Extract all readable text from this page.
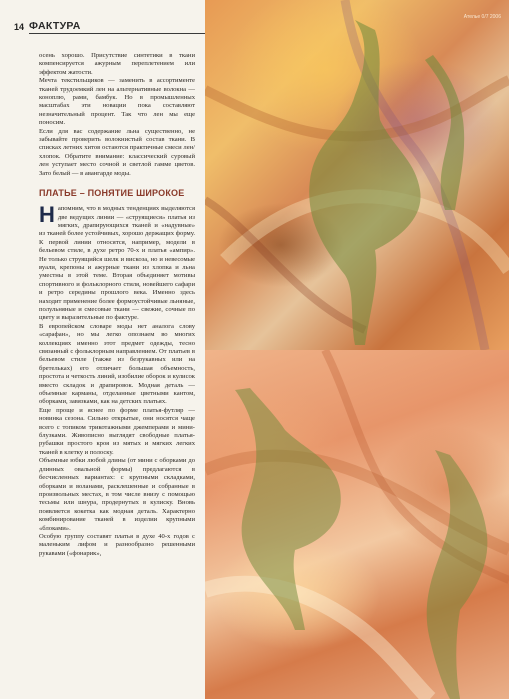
14 ФАКТУРА

осень хорошо. Присутствие синтетики в ткани компенсируется ажурным переплетением или эффектом жатости.

Мечта текстильщиков — заменить в ассортименте тканей трудоемкий лен на альтернативные волокна — коноплю, рами, бамбук. Но в промышленных масштабах эти новации пока составляют незначительный процент. Так что лен мы еще поносим.

Если для вас содержание льна существенно, не забывайте проверить волокнистый состав ткани. В списках летних хитов остаются практичные смеси лен/хлопок. Обратите внимание: классический суровый лен уступает место сочной и светлой гамме цветов. Зато белый — в авангарде моды.

ПЛАТЬЕ – ПОНЯТИЕ ШИРОКОЕ

Напомним, что в модных тенденциях выделяются две ведущих линии — «струящиеся» платья из мягких, драпирующихся тканей и «надувные» из тканей более устойчивых, хорошо держащих форму. К первой линии относятся, например, модели в бельевом стиле, в духе ретро 70-х и платья «ампир». Не только струящийся шелк и вискоза, но и невесомые вуали, крепоны и ажурные ткани из хлопка и льна уместны в этой теме. Вторая объединяет мотивы спортивного и фольклорного стиля, новейшего сафари и ретро середины прошлого века. Именно здесь находит применение более формоустойчивые льняные, полульняные и смесовые ткани — свежие, сочные по цвету и выразительные по фактуре.

В европейском словаре моды нет аналога слову «сарафан», но мы легко опознаем во многих коллекциях именно этот предмет одежды, тесно связанный с фольклорным направлением. От платьев в бельевом стиле (также из безрукавных или на бретельках) его отличает большая объемность, простота и четкость линий, изобилие оборок и кулисок вместо складок и драпировок. Модная деталь — объемные карманы, отделанные цветными кантом, оборками, завязками, как на детских платьях.

Еще проще и яснее по форме платья-футляр — новинка сезона. Сильно открытые, они носятся чаще всего с топиком трикотажными джемперами и мини-блузками. Живописно выглядят свободные платья-рубашки простого кроя из мятых и мягких легких тканей в клетку и полоску.

Объемные юбки любой длины (от мини с оборками до длинных овальной формы) предлагаются в бесчисленных вариантах: с крупными складками, оборками и воланами, расклешенные и собранные в произвольных местах, в том числе внизу с помощью тесьмы или шнура, продернутых в кулиску. Вновь появляется кокетка как модная деталь. Характерно комбинирование тканей в изделии крупными «блоками».

Особую группу составят платья в духе 40-х годов с маленьким лифом и разнообразно решенными рукавами («фонарик»,

Ателье 0/7 2006
